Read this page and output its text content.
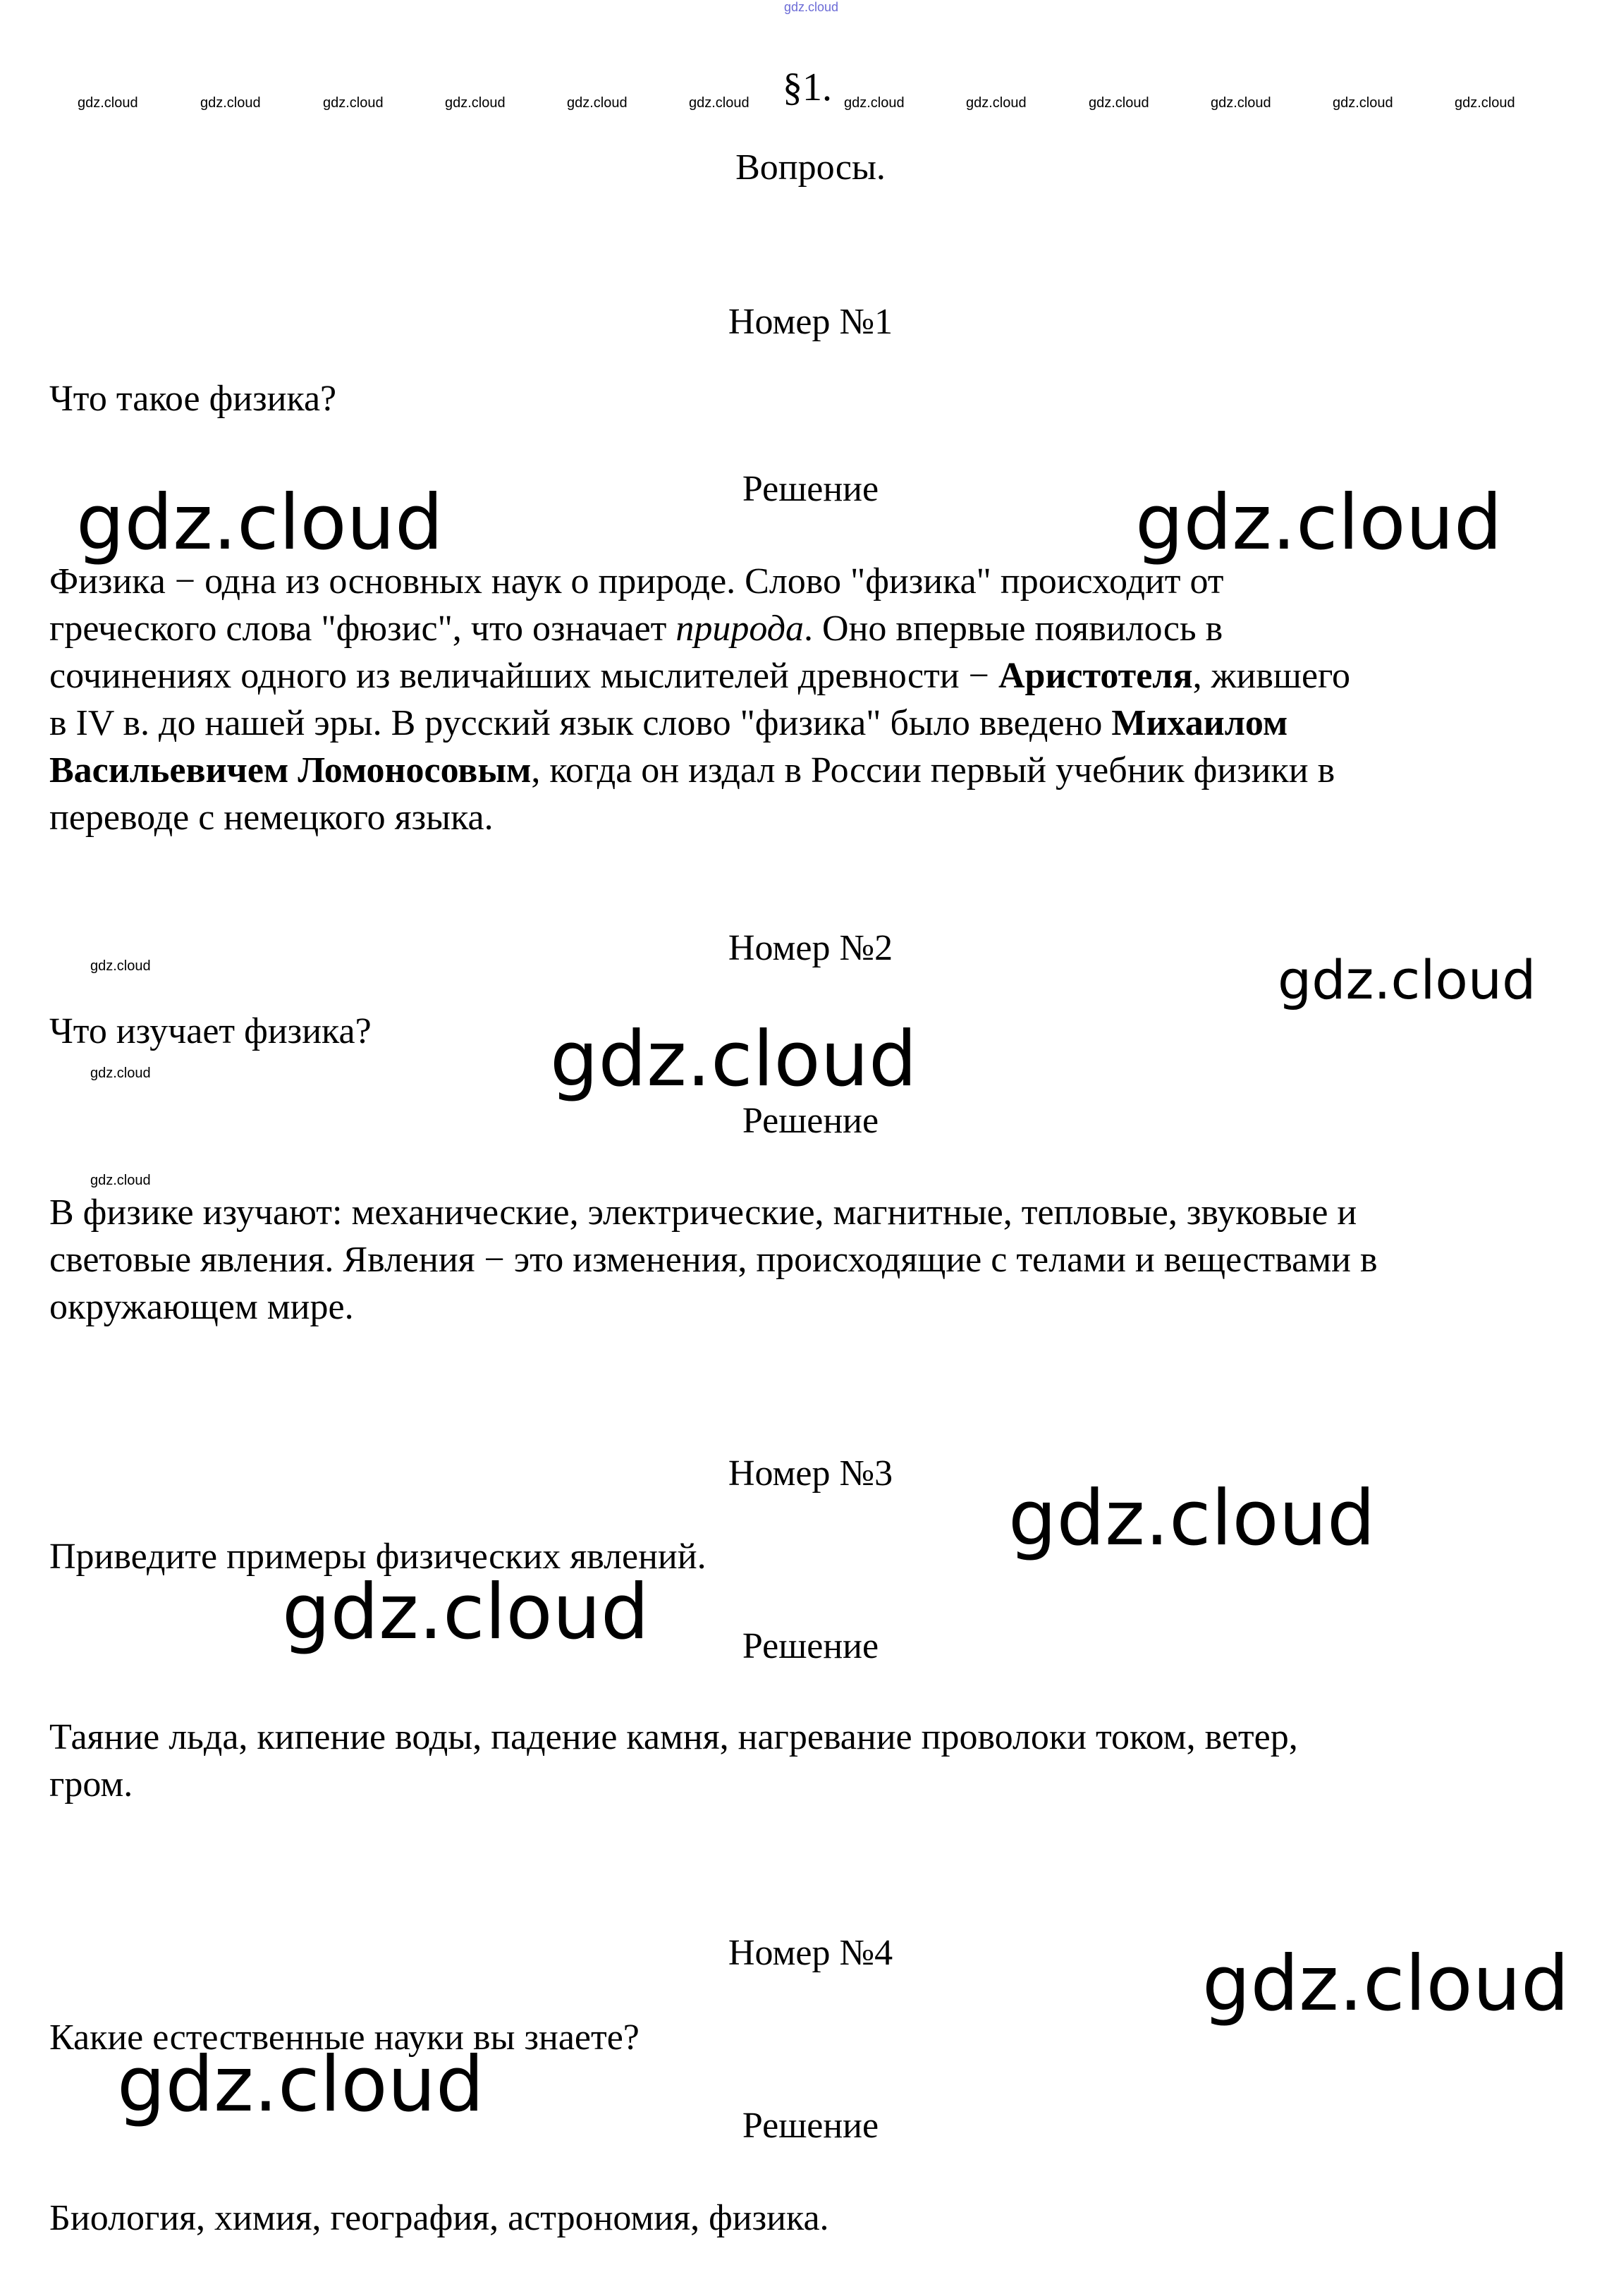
gdz.cloud
gdz.cloud	gdz.cloud	gdz.cloud	gdz.cloud	gdz.cloud	gdz.cloud	gdz.cloud	gdz.cloud	gdz.cloud	gdz.cloud	gdz.cloud	gdz.cloud
§1.
Вопросы.
Номер №1
Что такое физика?
Решение
Физика − одна из основных наук о природе. Слово "физика" происходит от
греческого слова "фюзис", что означает природа. Оно впервые появилось в
сочинениях одного из величайших мыслителей древности − Аристотеля, жившего
в IV в. до нашей эры. В русский язык слово "физика" было введено Михаилом
Васильевичем Ломоносовым, когда он издал в России первый учебник физики в
переводе с немецкого языка.
Номер №2
Что изучает физика?
Решение
В физике изучают: механические, электрические, магнитные, тепловые, звуковые и
световые явления. Явления − это изменения, происходящие с телами и веществами в
окружающем мире.
Номер №3
Приведите примеры физических явлений.
Решение
Таяние льда, кипение воды, падение камня, нагревание проволоки током, ветер,
гром.
Номер №4
Какие естественные науки вы знаете?
Решение
Биология, химия, география, астрономия, физика.
gdz.cloud	gdz.cloud
gdz.cloud
gdz.cloud
gdz.cloud
gdz.cloud
gdz.cloud
gdz.cloud
gdz.cloud
gdz.cloud
gdz.cloud
